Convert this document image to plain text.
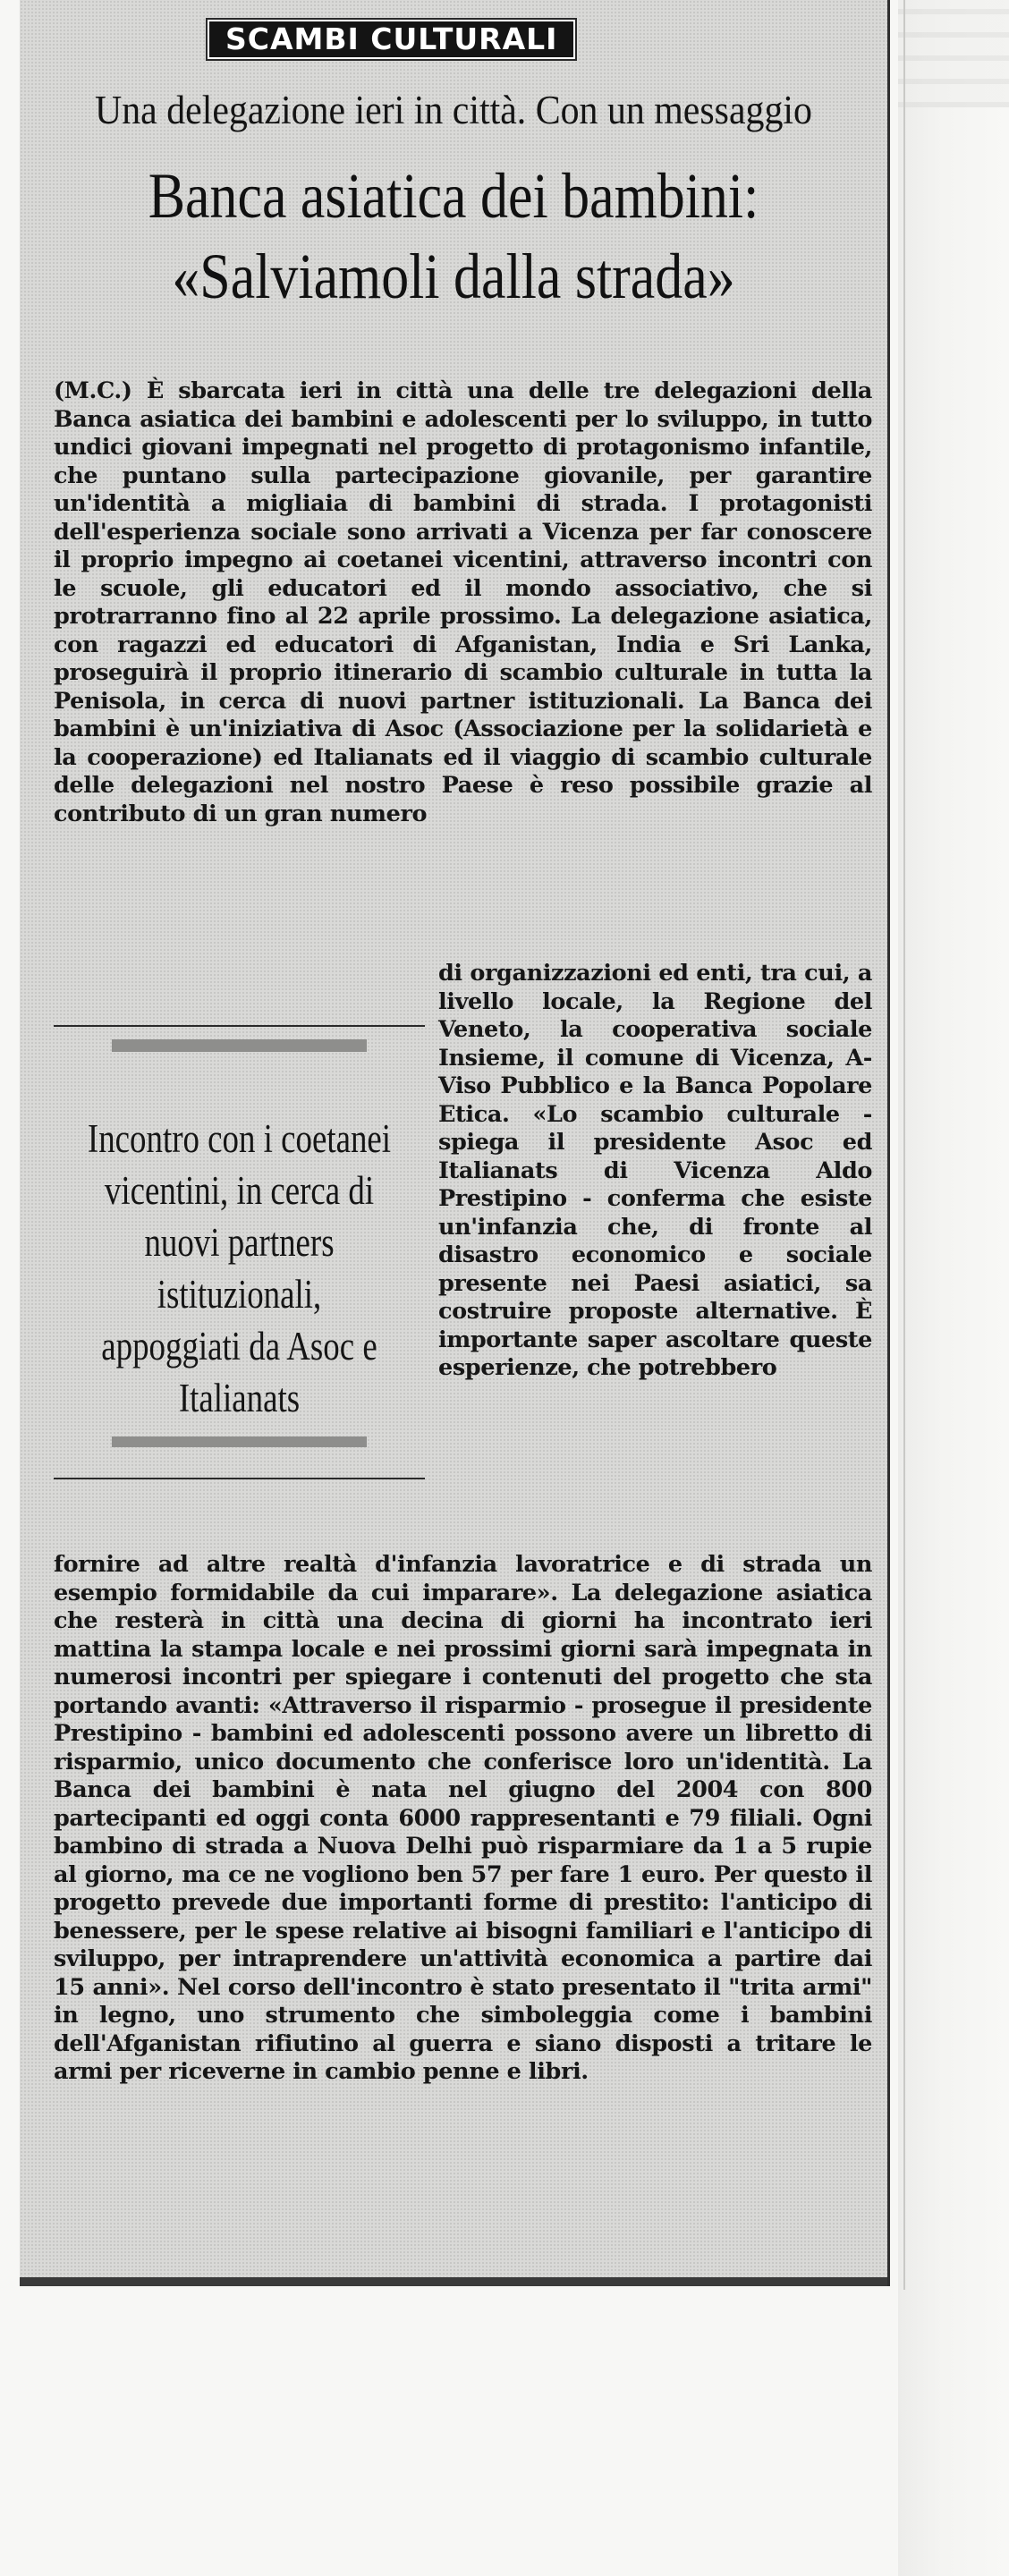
SCAMBI CULTURALI
Una delegazione ieri in città. Con un messaggio
Banca asiatica dei bambini:
«Salviamoli dalla strada»

(M.C.) È sbarcata ieri in città una delle tre delegazioni della Banca asiatica dei bambini e adolescenti per lo sviluppo, in tutto undici giovani impegnati nel progetto di protagonismo infantile, che puntano sulla partecipazione giovanile, per garantire un'identità a migliaia di bambini di strada. I protagonisti dell'esperienza sociale sono arrivati a Vicenza per far conoscere il proprio impegno ai coetanei vicentini, attraverso incontri con le scuole, gli educatori ed il mondo associativo, che si protrarranno fino al 22 aprile prossimo. La delegazione asiatica, con ragazzi ed educatori di Afganistan, India e Sri Lanka, proseguirà il proprio itinerario di scambio culturale in tutta la Penisola, in cerca di nuovi partner istituzionali. La Banca dei bambini è un'iniziativa di Asoc (Associazione per la solidarietà e la cooperazione) ed Italianats ed il viaggio di scambio culturale delle delegazioni nel nostro Paese è reso possibile grazie al contributo di un gran numero

Incontro con i coetanei vicentini, in cerca di nuovi partners istituzionali, appoggiati da Asoc e Italianats

di organizzazioni ed enti, tra cui, a livello locale, la Regione del Veneto, la cooperativa sociale Insieme, il comune di Vicenza, A-Viso Pubblico e la Banca Popolare Etica. «Lo scambio culturale - spiega il presidente Asoc ed Italianats di Vicenza Aldo Prestipino - conferma che esiste un'infanzia che, di fronte al disastro economico e sociale presente nei Paesi asiatici, sa costruire proposte alternative. È importante saper ascoltare queste esperienze, che potrebbero

fornire ad altre realtà d'infanzia lavoratrice e di strada un esempio formidabile da cui imparare». La delegazione asiatica che resterà in città una decina di giorni ha incontrato ieri mattina la stampa locale e nei prossimi giorni sarà impegnata in numerosi incontri per spiegare i contenuti del progetto che sta portando avanti: «Attraverso il risparmio - prosegue il presidente Prestipino - bambini ed adolescenti possono avere un libretto di risparmio, unico documento che conferisce loro un'identità. La Banca dei bambini è nata nel giugno del 2004 con 800 partecipanti ed oggi conta 6000 rappresentanti e 79 filiali. Ogni bambino di strada a Nuova Delhi può risparmiare da 1 a 5 rupie al giorno, ma ce ne vogliono ben 57 per fare 1 euro. Per questo il progetto prevede due importanti forme di prestito: l'anticipo di benessere, per le spese relative ai bisogni familiari e l'anticipo di sviluppo, per intraprendere un'attività economica a partire dai 15 anni». Nel corso dell'incontro è stato presentato il "trita armi" in legno, uno strumento che simboleggia come i bambini dell'Afganistan rifiutino al guerra e siano disposti a tritare le armi per riceverne in cambio penne e libri.
